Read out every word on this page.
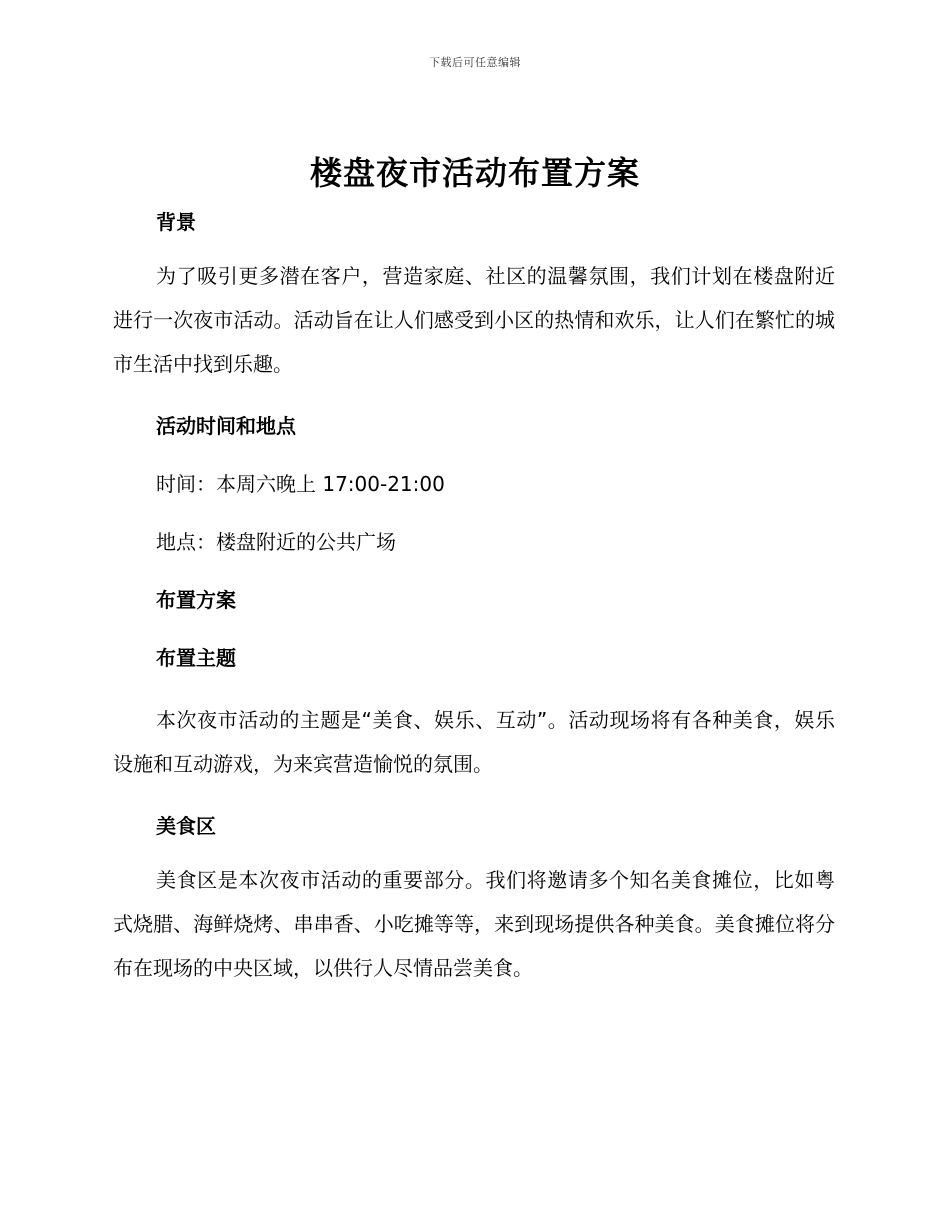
下载后可任意编辑
楼盘夜市活动布置方案
背景

为了吸引更多潜在客户，营造家庭、社区的温馨氛围，我们计划在楼盘附近进行一次夜市活动。活动旨在让人们感受到小区的热情和欢乐，让人们在繁忙的城市生活中找到乐趣。

活动时间和地点
时间：本周六晚上 17:00-21:00
地点：楼盘附近的公共广场
布置方案
布置主题

本次夜市活动的主题是“美食、娱乐、互动”。活动现场将有各种美食，娱乐设施和互动游戏，为来宾营造愉悦的氛围。

美食区

美食区是本次夜市活动的重要部分。我们将邀请多个知名美食摊位，比如粤式烧腊、海鲜烧烤、串串香、小吃摊等等，来到现场提供各种美食。美食摊位将分布在现场的中央区域，以供行人尽情品尝美食。
